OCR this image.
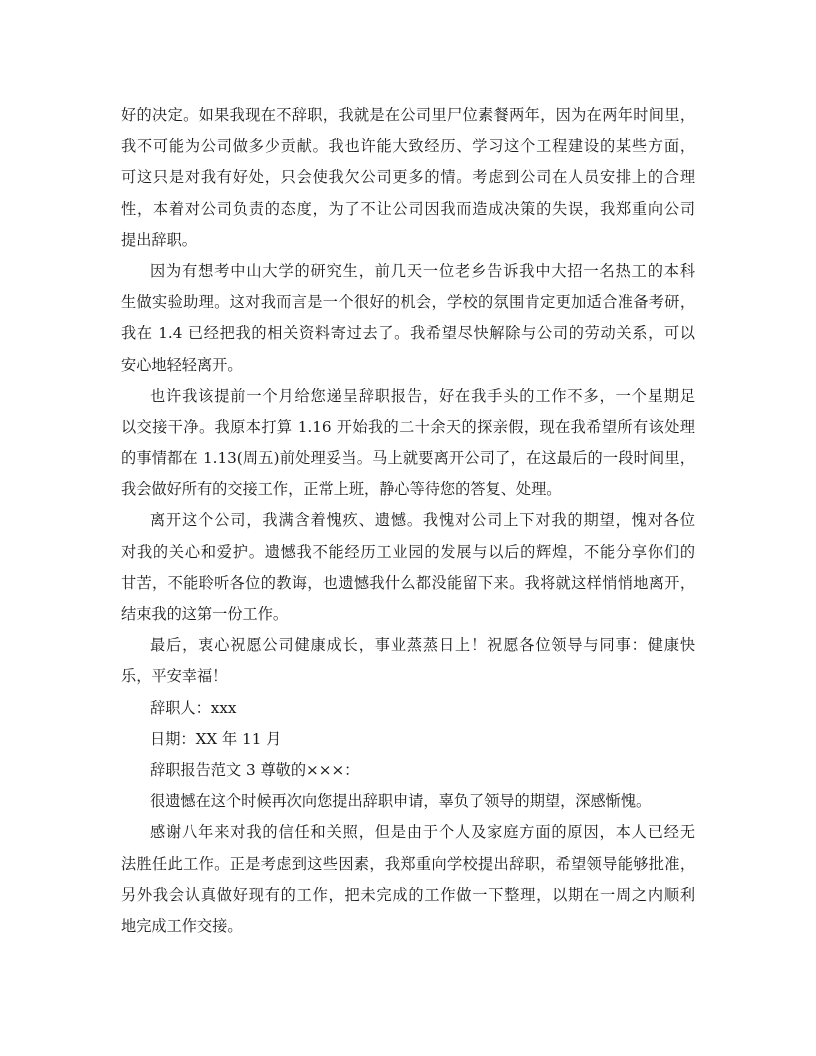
好的决定。如果我现在不辞职，我就是在公司里尸位素餐两年，因为在两年时间里，
我不可能为公司做多少贡献。我也许能大致经历、学习这个工程建设的某些方面，
可这只是对我有好处，只会使我欠公司更多的情。考虑到公司在人员安排上的合理
性，本着对公司负责的态度，为了不让公司因我而造成决策的失误，我郑重向公司
提出辞职。
因为有想考中山大学的研究生，前几天一位老乡告诉我中大招一名热工的本科
生做实验助理。这对我而言是一个很好的机会，学校的氛围肯定更加适合准备考研，
我在 1.4 已经把我的相关资料寄过去了。我希望尽快解除与公司的劳动关系，可以
安心地轻轻离开。
也许我该提前一个月给您递呈辞职报告，好在我手头的工作不多，一个星期足
以交接干净。我原本打算 1.16 开始我的二十余天的探亲假，现在我希望所有该处理
的事情都在 1.13(周五)前处理妥当。马上就要离开公司了，在这最后的一段时间里，
我会做好所有的交接工作，正常上班，静心等待您的答复、处理。
离开这个公司，我满含着愧疚、遗憾。我愧对公司上下对我的期望，愧对各位
对我的关心和爱护。遗憾我不能经历工业园的发展与以后的辉煌，不能分享你们的
甘苦，不能聆听各位的教诲，也遗憾我什么都没能留下来。我将就这样悄悄地离开，
结束我的这第一份工作。
最后，衷心祝愿公司健康成长，事业蒸蒸日上！祝愿各位领导与同事：健康快
乐，平安幸福！
辞职人：xxx
日期：XX 年 11 月
辞职报告范文 3 尊敬的×××：
很遗憾在这个时候再次向您提出辞职申请，辜负了领导的期望，深感惭愧。
感谢八年来对我的信任和关照，但是由于个人及家庭方面的原因，本人已经无
法胜任此工作。正是考虑到这些因素，我郑重向学校提出辞职，希望领导能够批准，
另外我会认真做好现有的工作，把未完成的工作做一下整理，以期在一周之内顺利
地完成工作交接。
